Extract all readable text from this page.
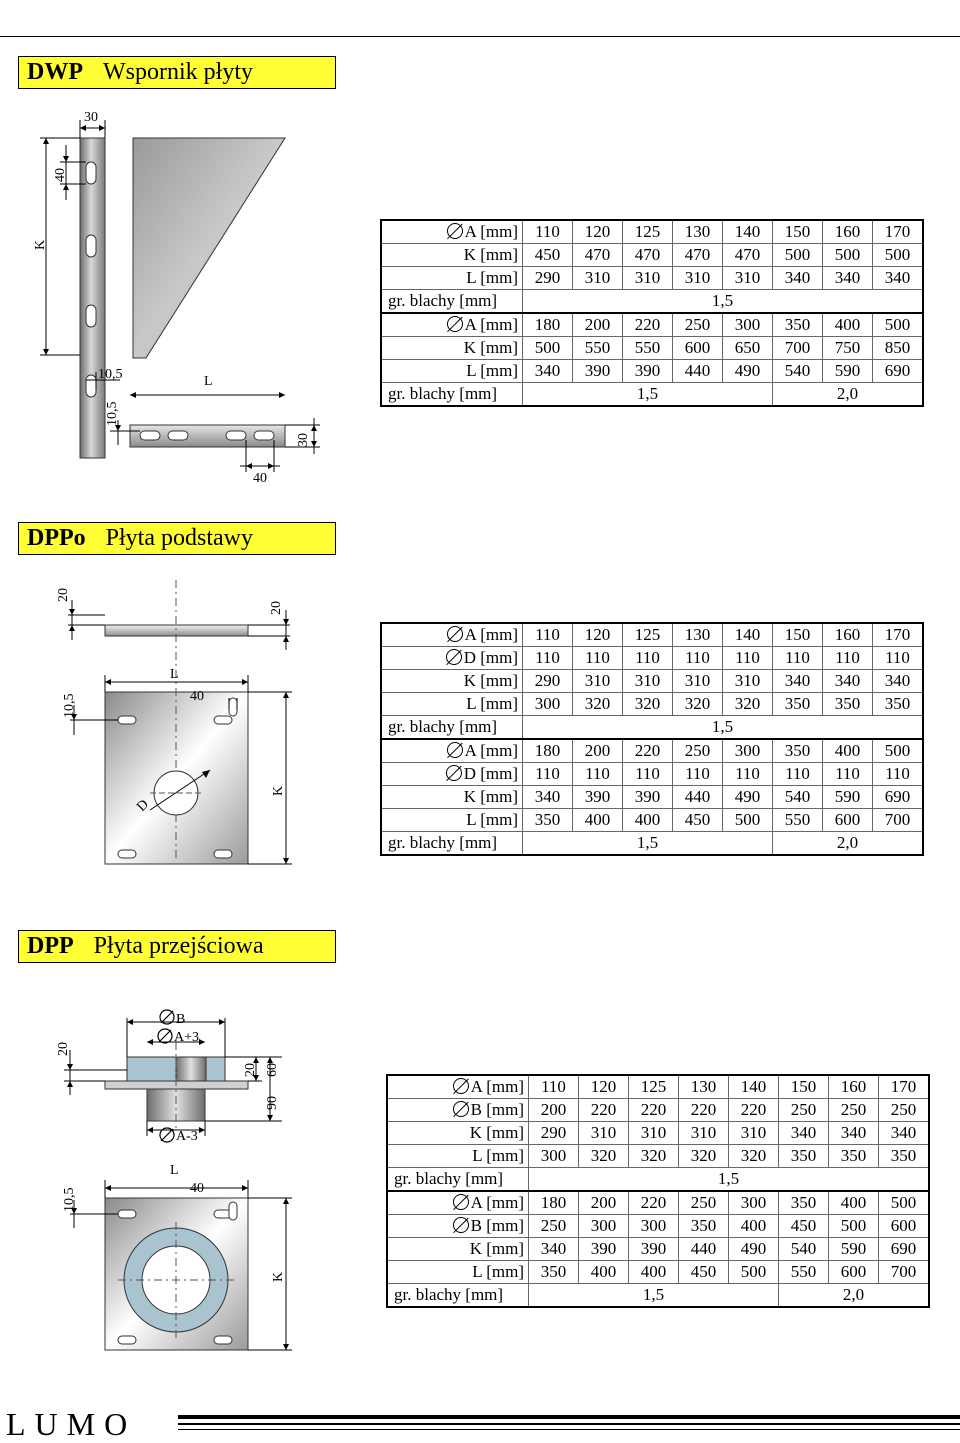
DWP Wspornik płyty
30
K
40
10,5	L
10,5
30
40
A [mm]	110	120	125	130	140	150	160	170
K [mm]	450	470	470	470	470	500	500	500
L [mm]	290	310	310	310	310	340	340	340
gr. blachy [mm]	1,5							
A [mm]	180	200	220	250	300	350	400	500
K [mm]	500	550	550	600	650	700	750	850
L [mm]	340	390	390	440	490	540	590	690
gr. blachy [mm]	1,5					2,0		
DPPo Płyta podstawy
20
20
L
40
10,5
D
K
A [mm]	110	120	125	130	140	150	160	170
D [mm]	110	110	110	110	110	110	110	110
K [mm]	290	310	310	310	310	340	340	340
L [mm]	300	320	320	320	320	350	350	350
gr. blachy [mm]	1,5							
A [mm]	180	200	220	250	300	350	400	500
D [mm]	110	110	110	110	110	110	110	110
K [mm]	340	390	390	440	490	540	590	690
L [mm]	350	400	400	450	500	550	600	700
gr. blachy [mm]	1,5					2,0		
DPP Płyta przejściowa
B
A+3
20
20 60
90
A-3
L
40
10,5
K
A [mm]	110	120	125	130	140	150	160	170
B [mm]	200	220	220	220	220	250	250	250
K [mm]	290	310	310	310	310	340	340	340
L [mm]	300	320	320	320	320	350	350	350
gr. blachy [mm]	1,5							
A [mm]	180	200	220	250	300	350	400	500
B [mm]	250	300	300	350	400	450	500	600
K [mm]	340	390	390	440	490	540	590	690
L [mm]	350	400	400	450	500	550	600	700
gr. blachy [mm]	1,5					2,0		
LUMO
